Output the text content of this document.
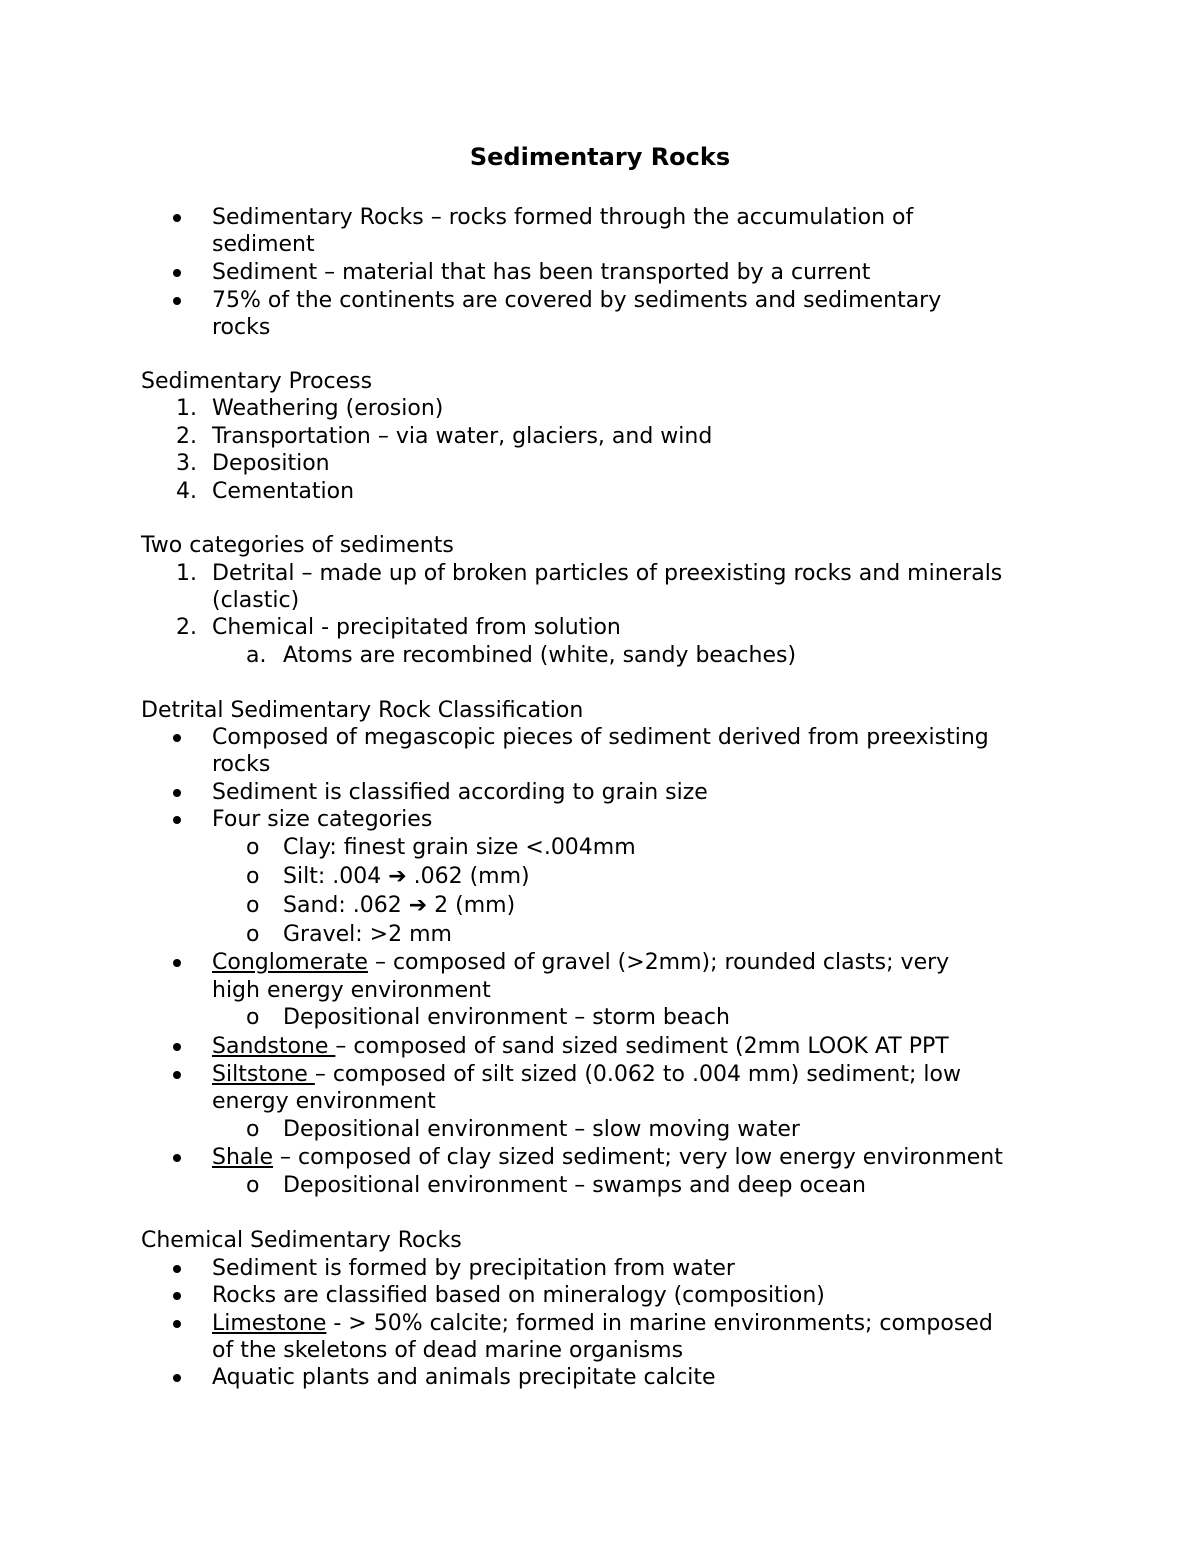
Sedimentary Rocks

Sedimentary Rocks – rocks formed through the accumulation of

sediment

Sediment – material that has been transported by a current

75% of the continents are covered by sediments and sedimentary

rocks

Sedimentary Process

1. Weathering (erosion)

2. Transportation – via water, glaciers, and wind

3. Deposition

4. Cementation

Two categories of sediments

1. Detrital – made up of broken particles of preexisting rocks and minerals

(clastic)

2. Chemical - precipitated from solution

a. Atoms are recombined (white, sandy beaches)

Detrital Sedimentary Rock Classification

Composed of megascopic pieces of sediment derived from preexisting

rocks

Sediment is classified according to grain size

Four size categories

o Clay: finest grain size <.004mm

o Silt: .004 ➔ .062 (mm)

o Sand: .062 ➔ 2 (mm)

o Gravel: >2 mm

Conglomerate – composed of gravel (>2mm); rounded clasts; very

high energy environment

o Depositional environment – storm beach

Sandstone – composed of sand sized sediment (2mm LOOK AT PPT

Siltstone – composed of silt sized (0.062 to .004 mm) sediment; low

energy environment

o Depositional environment – slow moving water

Shale – composed of clay sized sediment; very low energy environment

o Depositional environment – swamps and deep ocean

Chemical Sedimentary Rocks

Sediment is formed by precipitation from water

Rocks are classified based on mineralogy (composition)

Limestone - > 50% calcite; formed in marine environments; composed

of the skeletons of dead marine organisms

Aquatic plants and animals precipitate calcite
